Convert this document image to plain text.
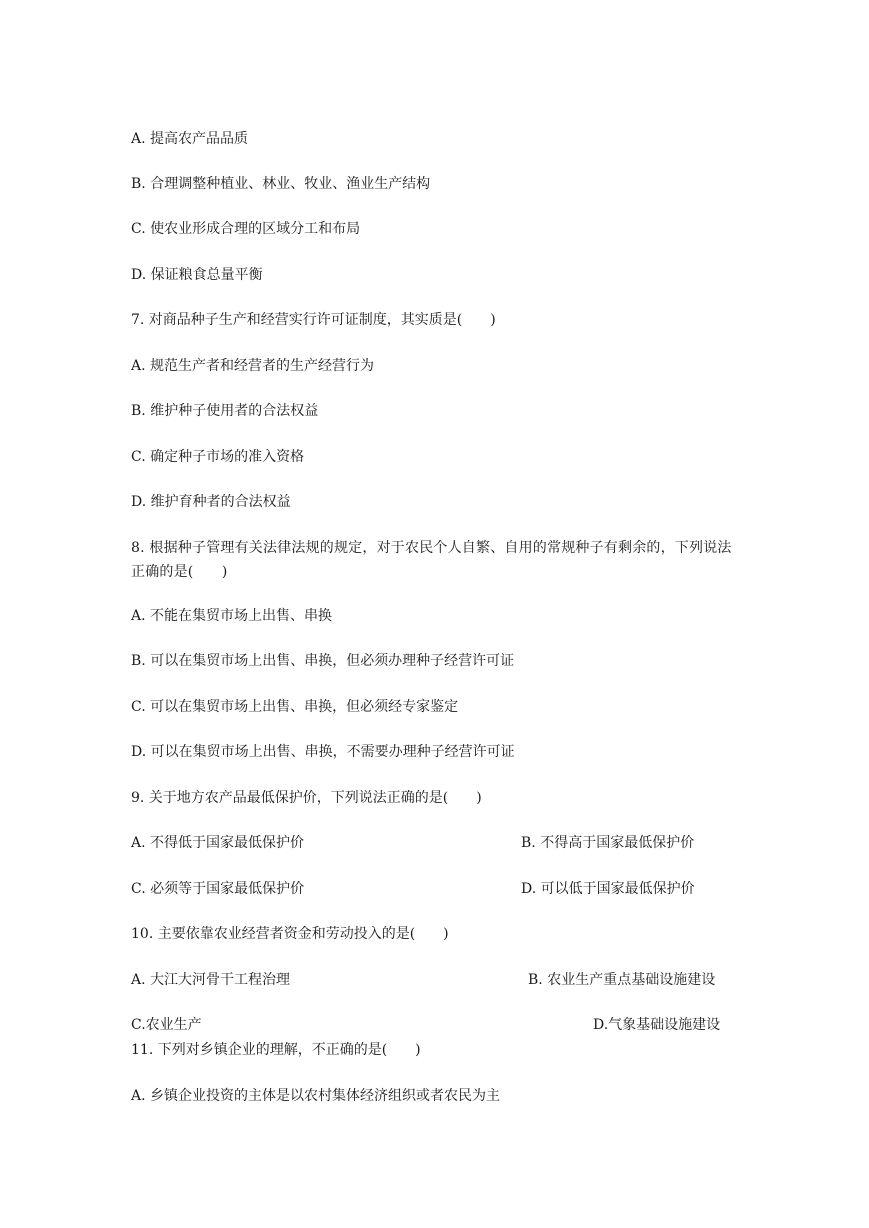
A. 提高农产品品质
B. 合理调整种植业、林业、牧业、渔业生产结构
C. 使农业形成合理的区域分工和布局
D. 保证粮食总量平衡
7. 对商品种子生产和经营实行许可证制度，其实质是(　　)
A. 规范生产者和经营者的生产经营行为
B. 维护种子使用者的合法权益
C. 确定种子市场的准入资格
D. 维护育种者的合法权益
8. 根据种子管理有关法律法规的规定，对于农民个人自繁、自用的常规种子有剩余的，下列说法正确的是(　　)
A. 不能在集贸市场上出售、串换
B. 可以在集贸市场上出售、串换，但必须办理种子经营许可证
C. 可以在集贸市场上出售、串换，但必须经专家鉴定
D. 可以在集贸市场上出售、串换，不需要办理种子经营许可证
9. 关于地方农产品最低保护价，下列说法正确的是(　　)
A. 不得低于国家最低保护价	B. 不得高于国家最低保护价
C. 必须等于国家最低保护价	D. 可以低于国家最低保护价
10. 主要依靠农业经营者资金和劳动投入的是(　　)
A. 大江大河骨干工程治理	B. 农业生产重点基础设施建设
C.农业生产	D.气象基础设施建设
11. 下列对乡镇企业的理解，不正确的是(　　)
A. 乡镇企业投资的主体是以农村集体经济组织或者农民为主
